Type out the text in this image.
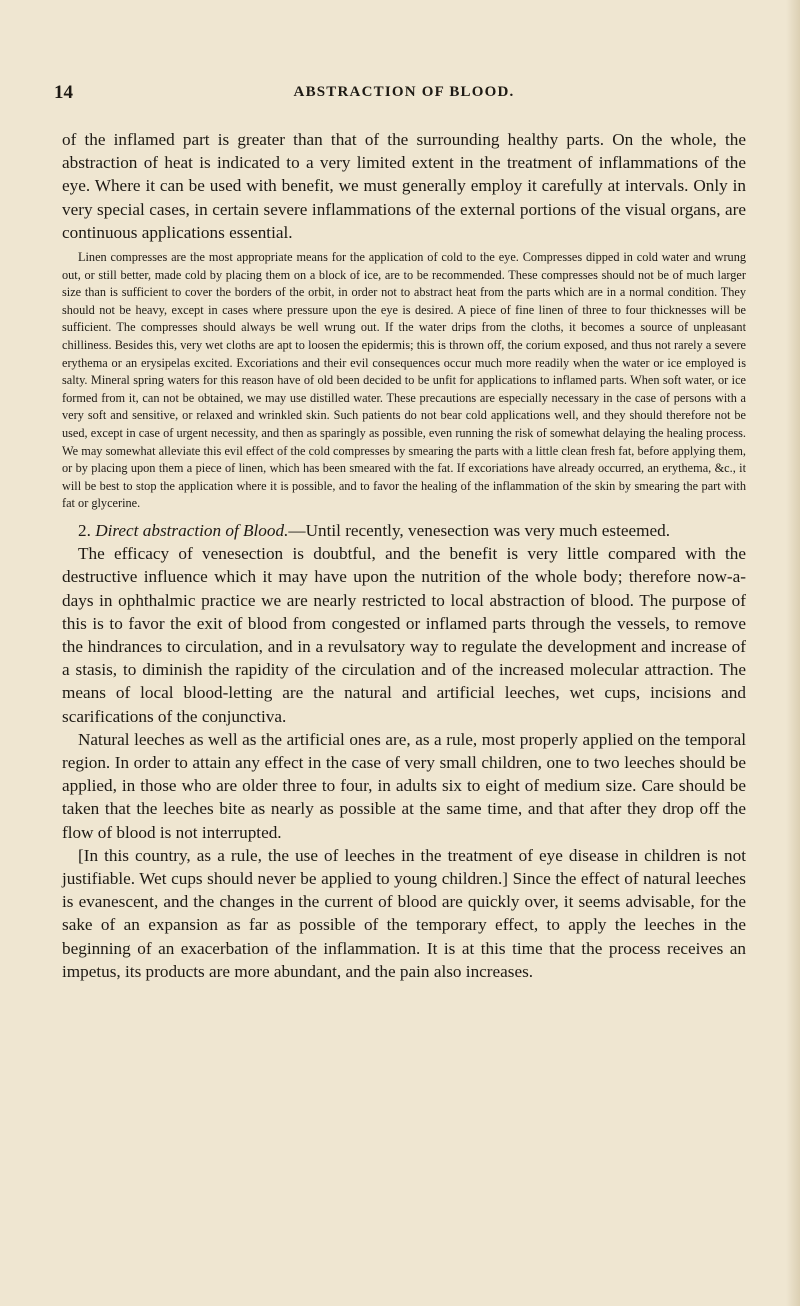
14	ABSTRACTION OF BLOOD.

of the inflamed part is greater than that of the surrounding healthy parts. On the whole, the abstraction of heat is indicated to a very limited extent in the treatment of inflammations of the eye. Where it can be used with benefit, we must generally employ it carefully at intervals. Only in very special cases, in certain severe inflammations of the external portions of the visual organs, are continuous applications essential.

Linen compresses are the most appropriate means for the application of cold to the eye. Compresses dipped in cold water and wrung out, or still better, made cold by placing them on a block of ice, are to be recommended. These compresses should not be of much larger size than is sufficient to cover the borders of the orbit, in order not to abstract heat from the parts which are in a normal condition. They should not be heavy, except in cases where pressure upon the eye is desired. A piece of fine linen of three to four thicknesses will be sufficient. The compresses should always be well wrung out. If the water drips from the cloths, it becomes a source of unpleasant chilliness. Besides this, very wet cloths are apt to loosen the epidermis; this is thrown off, the corium exposed, and thus not rarely a severe erythema or an erysipelas excited. Excoriations and their evil consequences occur much more readily when the water or ice employed is salty. Mineral spring waters for this reason have of old been decided to be unfit for applications to inflamed parts. When soft water, or ice formed from it, can not be obtained, we may use distilled water. These precautions are especially necessary in the case of persons with a very soft and sensitive, or relaxed and wrinkled skin. Such patients do not bear cold applications well, and they should therefore not be used, except in case of urgent necessity, and then as sparingly as possible, even running the risk of somewhat delaying the healing process. We may somewhat alleviate this evil effect of the cold compresses by smearing the parts with a little clean fresh fat, before applying them, or by placing upon them a piece of linen, which has been smeared with the fat. If excoriations have already occurred, an erythema, &c., it will be best to stop the application where it is possible, and to favor the healing of the inflammation of the skin by smearing the part with fat or glycerine.

2. Direct abstraction of Blood.—Until recently, venesection was very much esteemed.

The efficacy of venesection is doubtful, and the benefit is very little compared with the destructive influence which it may have upon the nutrition of the whole body; therefore now-a-days in ophthalmic practice we are nearly restricted to local abstraction of blood. The purpose of this is to favor the exit of blood from congested or inflamed parts through the vessels, to remove the hindrances to circulation, and in a revulsatory way to regulate the development and increase of a stasis, to diminish the rapidity of the circulation and of the increased molecular attraction. The means of local blood-letting are the natural and artificial leeches, wet cups, incisions and scarifications of the conjunctiva.

Natural leeches as well as the artificial ones are, as a rule, most properly applied on the temporal region. In order to attain any effect in the case of very small children, one to two leeches should be applied, in those who are older three to four, in adults six to eight of medium size. Care should be taken that the leeches bite as nearly as possible at the same time, and that after they drop off the flow of blood is not interrupted.

[In this country, as a rule, the use of leeches in the treatment of eye disease in children is not justifiable. Wet cups should never be applied to young children.] Since the effect of natural leeches is evanescent, and the changes in the current of blood are quickly over, it seems advisable, for the sake of an expansion as far as possible of the temporary effect, to apply the leeches in the beginning of an exacerbation of the inflammation. It is at this time that the process receives an impetus, its products are more abundant, and the pain also increases.
